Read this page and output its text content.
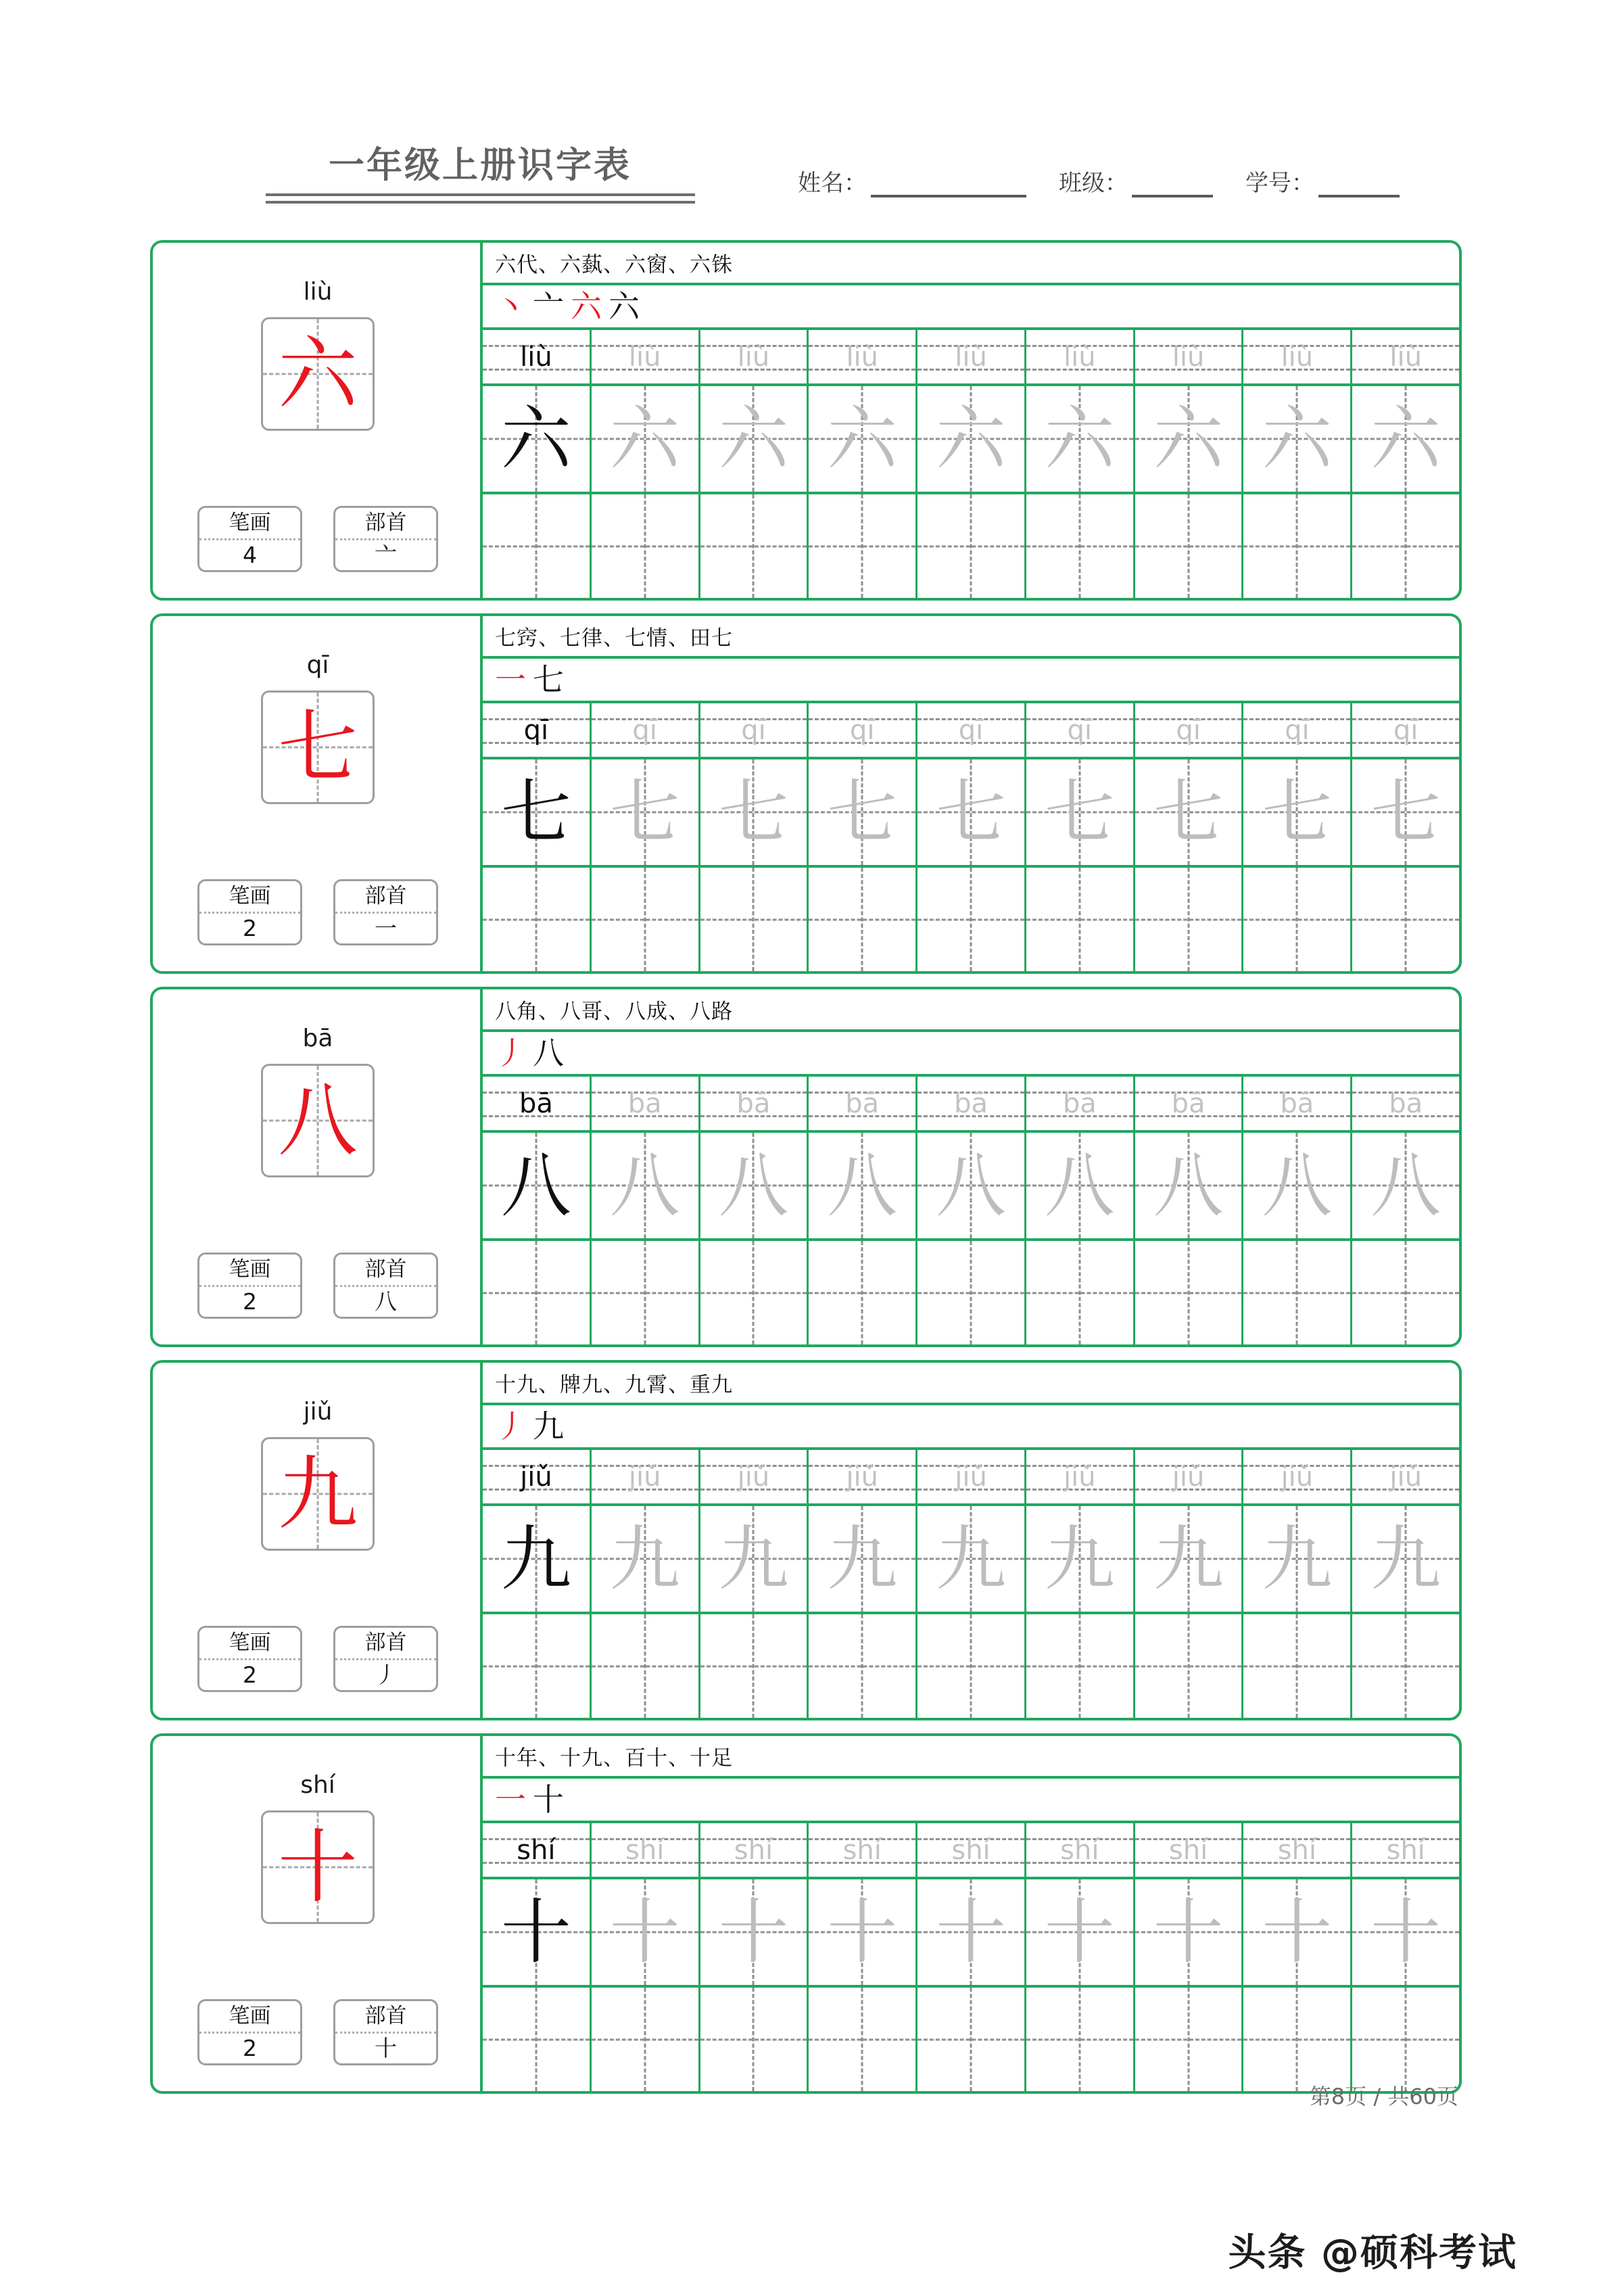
一年级上册识字表	姓名：	班级：	学号：
liù
六
笔画
4
部首
亠
六代、六蓺、六窗、六铢
丶 亠 六 六
liù	liù	liù	liù	liù	liù	liù	liù	liù
六 六 六 六 六 六 六 六 六
qī
七
笔画
2
部首
一
七窍、七律、七情、田七
一 七
qī	qī	qī	qī	qī	qī	qī	qī	qī
七 七 七 七 七 七 七 七 七
bā
八
笔画
2
部首
八
八角、八哥、八成、八路
丿 八
bā	bā	bā	bā	bā	bā	bā	bā	bā
八 八 八 八 八 八 八 八 八
jiǔ
九
笔画
2
部首
丿
十九、牌九、九霄、重九
丿 九
jiǔ	jiǔ	jiǔ	jiǔ	jiǔ	jiǔ	jiǔ	jiǔ	jiǔ
九 九 九 九 九 九 九 九 九
shí
十
笔画
2
部首
十
十年、十九、百十、十足
一 十
shí	shí	shí	shí	shí	shí	shí	shí	shí
十 十 十 十 十 十 十 十 十
第8页 / 共60页
头条 @硕科考试
